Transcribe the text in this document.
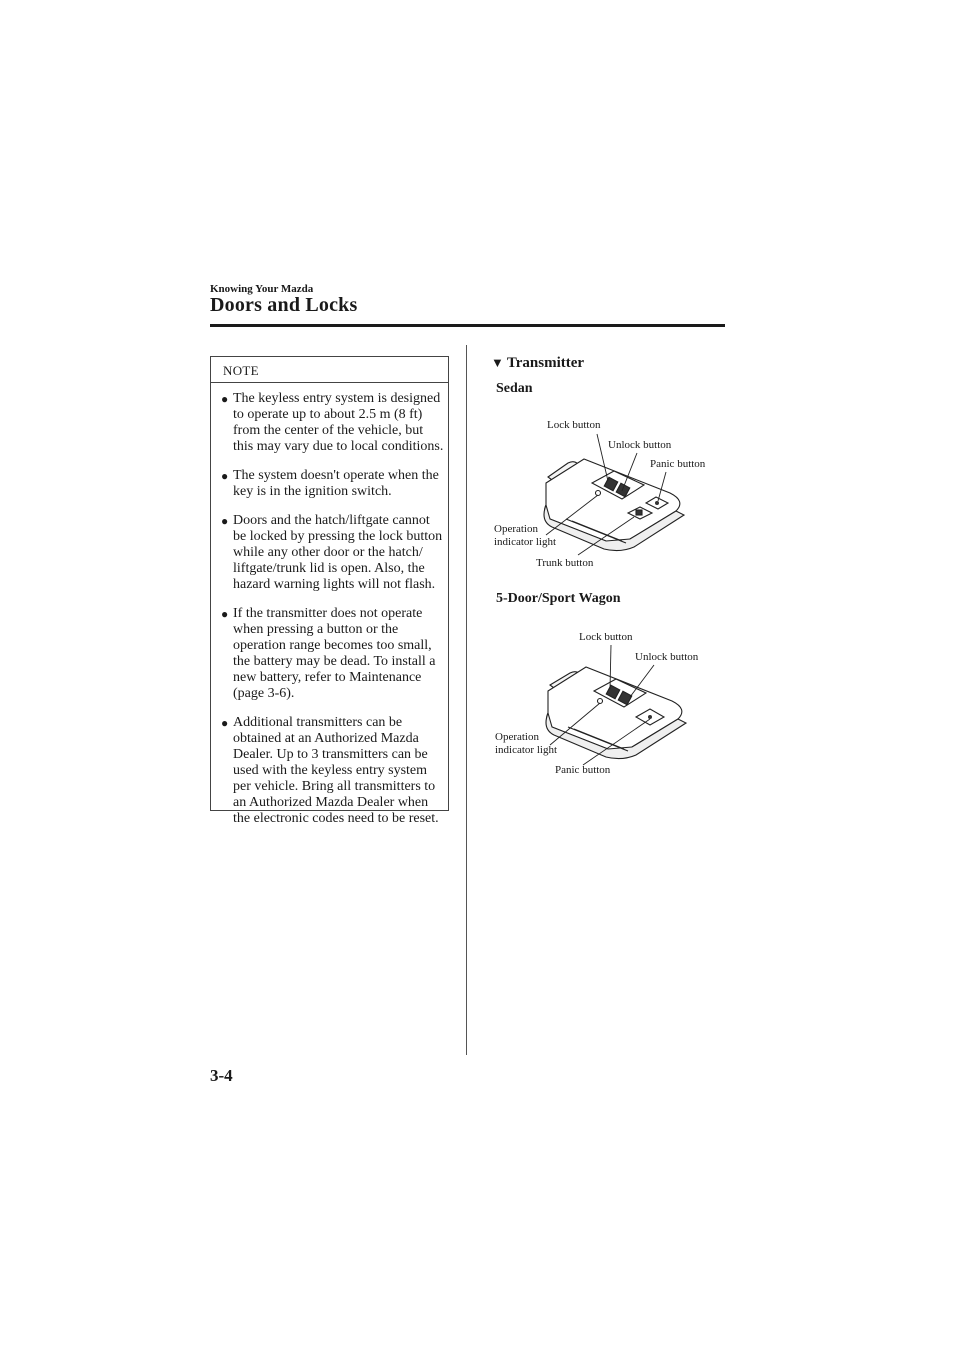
Knowing Your Mazda
Doors and Locks
NOTE
● The keyless entry system is designed to operate up to about 2.5 m (8 ft) from the center of the vehicle, but this may vary due to local conditions.
● The system doesn't operate when the key is in the ignition switch.
● Doors and the hatch/liftgate cannot be locked by pressing the lock button while any other door or the hatch/ liftgate/trunk lid is open. Also, the hazard warning lights will not flash.
● If the transmitter does not operate when pressing a button or the operation range becomes too small, the battery may be dead. To install a new battery, refer to Maintenance (page 3-6).
● Additional transmitters can be obtained at an Authorized Mazda Dealer. Up to 3 transmitters can be used with the keyless entry system per vehicle. Bring all transmitters to an Authorized Mazda Dealer when the electronic codes need to be reset.
▼ Transmitter
Sedan
Lock button
Unlock button
Panic button
Operation
indicator light
Trunk button
5-Door/Sport Wagon
Lock button
Unlock button
Operation
indicator light
Panic button
3-4
